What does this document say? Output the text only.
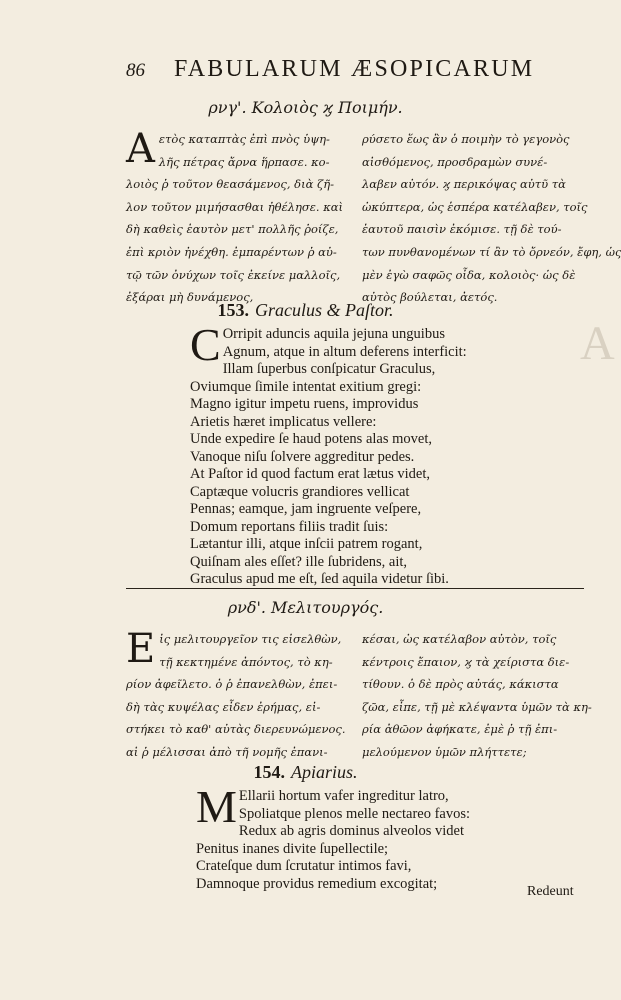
A
86 FABULARUM ÆSOPICARUM
ρνγ'. Κολοιὸς ϗ Ποιμήν.
Α ετὸς καταπτὰς ἐπὶ πνὸς ὑψη-
λῆς πέτρας ἄρνα ἥρπασε. κο-
λοιὸς ῥ τοῦτον θεασάμενος, διὰ ζῆ-
λον τοῦτον μιμήσασθαι ἠθέλησε. καὶ
δὴ καθεὶς ἑαυτὸν μετ' πολλῆς ῥοίζε,
ἐπὶ κριὸν ἠνέχθη. ἐμπαρέντων ῥ αὐ-
τῷ τῶν ὀνύχων τοῖς ἐκείνε μαλλοῖς,
ἐξάραι μὴ δυνάμενος,
ρύσετο ἕως ἂν ὁ ποιμὴν τὸ γεγονὸς
αἰσθόμενος, προσδραμὼν συνέ-
λαβεν αὐτόν. ϗ περικόψας αὐτῦ τὰ
ὠκύπτερα, ὡς ἑσπέρα κατέλαβεν, τοῖς
ἑαυτοῦ παισὶν ἐκόμισε. τῇ δὲ τού-
των πυνθανομένων τί ἂν τὸ ὄρνεόν, ἔφη, ὡς
μὲν ἐγὼ σαφῶς οἶδα, κολοιὸς· ὡς δὲ
αὐτὸς βούλεται, ἀετός.
153. Graculus & Paſtor.
C Orripit aduncis aquila jejuna unguibus
Agnum, atque in altum deferens interficit:
Illam ſuperbus conſpicatur Graculus,
Oviumque ſimile intentat exitium gregi:
Magno igitur impetu ruens, improvidus
Arietis hæret implicatus vellere:
Unde expedire ſe haud potens alas movet,
Vanoque niſu ſolvere aggreditur pedes.
At Paſtor id quod factum erat lætus videt,
Captæque volucris grandiores vellicat
Pennas; eamque, jam ingruente veſpere,
Domum reportans filiis tradit ſuis:
Lætantur illi, atque inſcii patrem rogant,
Quiſnam ales eſſet? ille ſubridens, ait,
Graculus apud me eſt, ſed aquila videtur ſibi.
ρνδ'. Μελιτουργός.
Ε ἰς μελιτουργεῖον τις εἰσελθὼν,
τῇ κεκτημένε ἀπόντος, τὸ κη-
ρίον ἀφεῖλετο. ὁ ῥ ἐπανελθὼν, ἐπει-
δὴ τὰς κυψέλας εἶδεν ἐρήμας, εἰ-
στήκει τὸ καθ' αὐτὰς διερευνώμενος.
αἱ ῥ μέλισσαι ἀπὸ τῆ νομῆς ἐπανι-
κέσαι, ὡς κατέλαβον αὐτὸν, τοῖς
κέντροις ἔπαιον, ϗ τὰ χείριστα διε-
τίθουν. ὁ δὲ πρὸς αὐτάς, κάκιστα
ζῶα, εἶπε, τῇ μὲ κλέψαντα ὑμῶν τὰ κη-
ρία ἀθῶον ἀφήκατε, ἐμὲ ῥ τῇ ἐπι-
μελούμενον ὑμῶν πλήττετε;
154. Apiarius.
M Ellarii hortum vafer ingreditur latro,
Spoliatque plenos melle nectareo favos:
Redux ab agris dominus alveolos videt
Penitus inanes divite ſupellectile;
Crateſque dum ſcrutatur intimos favi,
Damnoque providus remedium excogitat;	Redeunt
